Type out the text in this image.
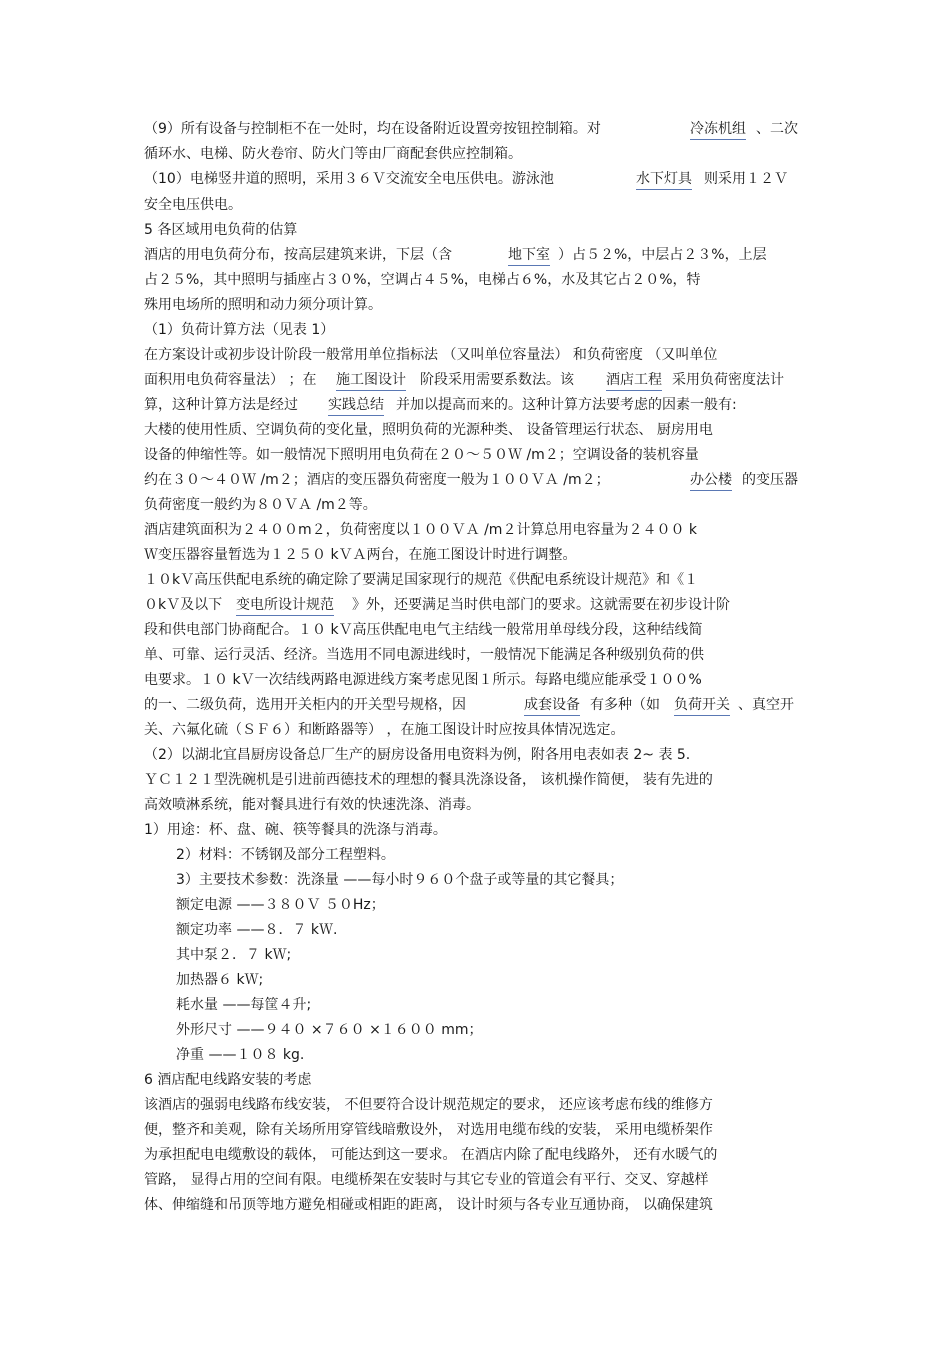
（9）所有设备与控制柜不在一处时，均在设备附近设置旁按钮控制箱。对	冷冻机组 、二次
循环水、电梯、防火卷帘、防火门等由厂商配套供应控制箱。
（10）电梯竖井道的照明，采用３６Ｖ交流安全电压供电。游泳池	水下灯具 则采用１２Ｖ
安全电压供电。
5 各区域用电负荷的估算
酒店的用电负荷分布，按高层建筑来讲，下层（含	地下室 ）占５２%，中层占２３%，上层
占２５%，其中照明与插座占３０%，空调占４５%，电梯占６%，水及其它占２０%，特
殊用电场所的照明和动力须分项计算。
（1）负荷计算方法（见表 1）
在方案设计或初步设计阶段一般常用单位指标法 （又叫单位容量法） 和负荷密度 （又叫单位
面积用电负荷容量法） ；在 施工图设计 阶段采用需要系数法。该 酒店工程 采用负荷密度法计
算，这种计算方法是经过 实践总结 并加以提高而来的。这种计算方法要考虑的因素一般有:
大楼的使用性质、空调负荷的变化量，照明负荷的光源种类、 设备管理运行状态、 厨房用电
设备的伸缩性等。如一般情况下照明用电负荷在２０～５０Ｗ /m２；空调设备的装机容量
约在３０～４０Ｗ /m２；酒店的变压器负荷密度一般为１００ＶＡ /m２；	办公楼 的变压器
负荷密度一般约为８０ＶＡ /m２等。
酒店建筑面积为２４００m２，负荷密度以１００ＶＡ /m２计算总用电容量为２４００ k
Ｗ变压器容量暂选为１２５０ kＶＡ两台，在施工图设计时进行调整。
１０kＶ高压供配电系统的确定除了要满足国家现行的规范《供配电系统设计规范》和《１
０kＶ及以下 变电所设计规范 》外，还要满足当时供电部门的要求。这就需要在初步设计阶
段和供电部门协商配合。１０ kＶ高压供配电电气主结线一般常用单母线分段，这种结线简
单、可靠、运行灵活、经济。当选用不同电源进线时，一般情况下能满足各种级别负荷的供
电要求。１０ kＶ一次结线两路电源进线方案考虑见图１所示。每路电缆应能承受１００%
的一、二级负荷，选用开关柜内的开关型号规格，因	成套设备 有多种（如 负荷开关 、真空开
关、六氟化硫（ＳＦ６）和断路器等） ，在施工图设计时应按具体情况选定。
（2）以湖北宜昌厨房设备总厂生产的厨房设备用电资料为例，附各用电表如表 2~ 表 5.
ＹＣ１２１型洗碗机是引进前西德技术的理想的餐具洗涤设备， 该机操作简便， 装有先进的
高效喷淋系统，能对餐具进行有效的快速洗涤、消毒。
1）用途：杯、盘、碗、筷等餐具的洗涤与消毒。
2）材料：不锈钢及部分工程塑料。
3）主要技术参数：洗涤量 ——每小时９６０个盘子或等量的其它餐具；
额定电源 ——３８０Ｖ ５０Hz；
额定功率 ——８．７ kＷ.
其中泵２．７ kＷ;
加热器６ kＷ;
耗水量 ——每筐４升;
外形尺寸 ——９４０ ×７６０ ×１６００ mm；
净重 ——１０８ kg.
6 酒店配电线路安装的考虑
该酒店的强弱电线路布线安装， 不但要符合设计规范规定的要求， 还应该考虑布线的维修方
便，整齐和美观，除有关场所用穿管线暗敷设外， 对选用电缆布线的安装， 采用电缆桥架作
为承担配电电缆敷设的载体， 可能达到这一要求。 在酒店内除了配电线路外， 还有水暖气的
管路， 显得占用的空间有限。电缆桥架在安装时与其它专业的管道会有平行、交叉、穿越样
体、伸缩缝和吊顶等地方避免相碰或相距的距离， 设计时须与各专业互通协商， 以确保建筑
